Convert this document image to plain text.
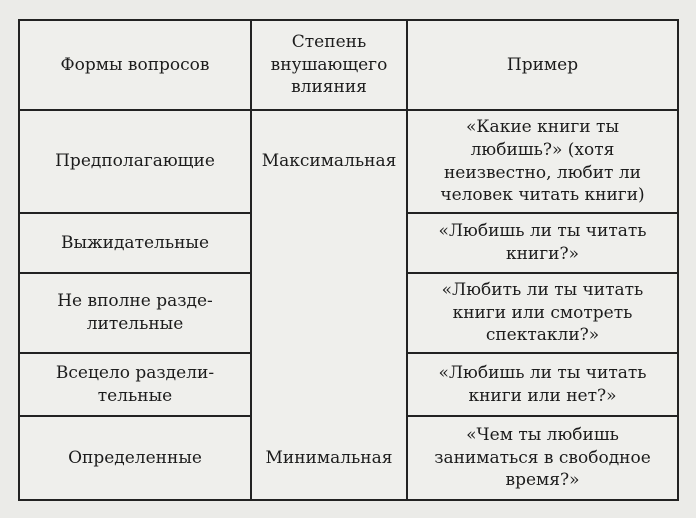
Формы вопросов
Степень
внушающего
влияния
Пример
Максимальная
Минимальная
Предполагающие
«Какие книги ты
любишь?» (хотя
неизвестно, любит ли
человек читать книги)
Выжидательные
«Любишь ли ты читать
книги?»
Не вполне разде-
лительные
«Любить ли ты читать
книги или смотреть
спектакли?»
Всецело раздели-
тельные
«Любишь ли ты читать
книги или нет?»
Определенные
«Чем ты любишь
заниматься в свободное
время?»
